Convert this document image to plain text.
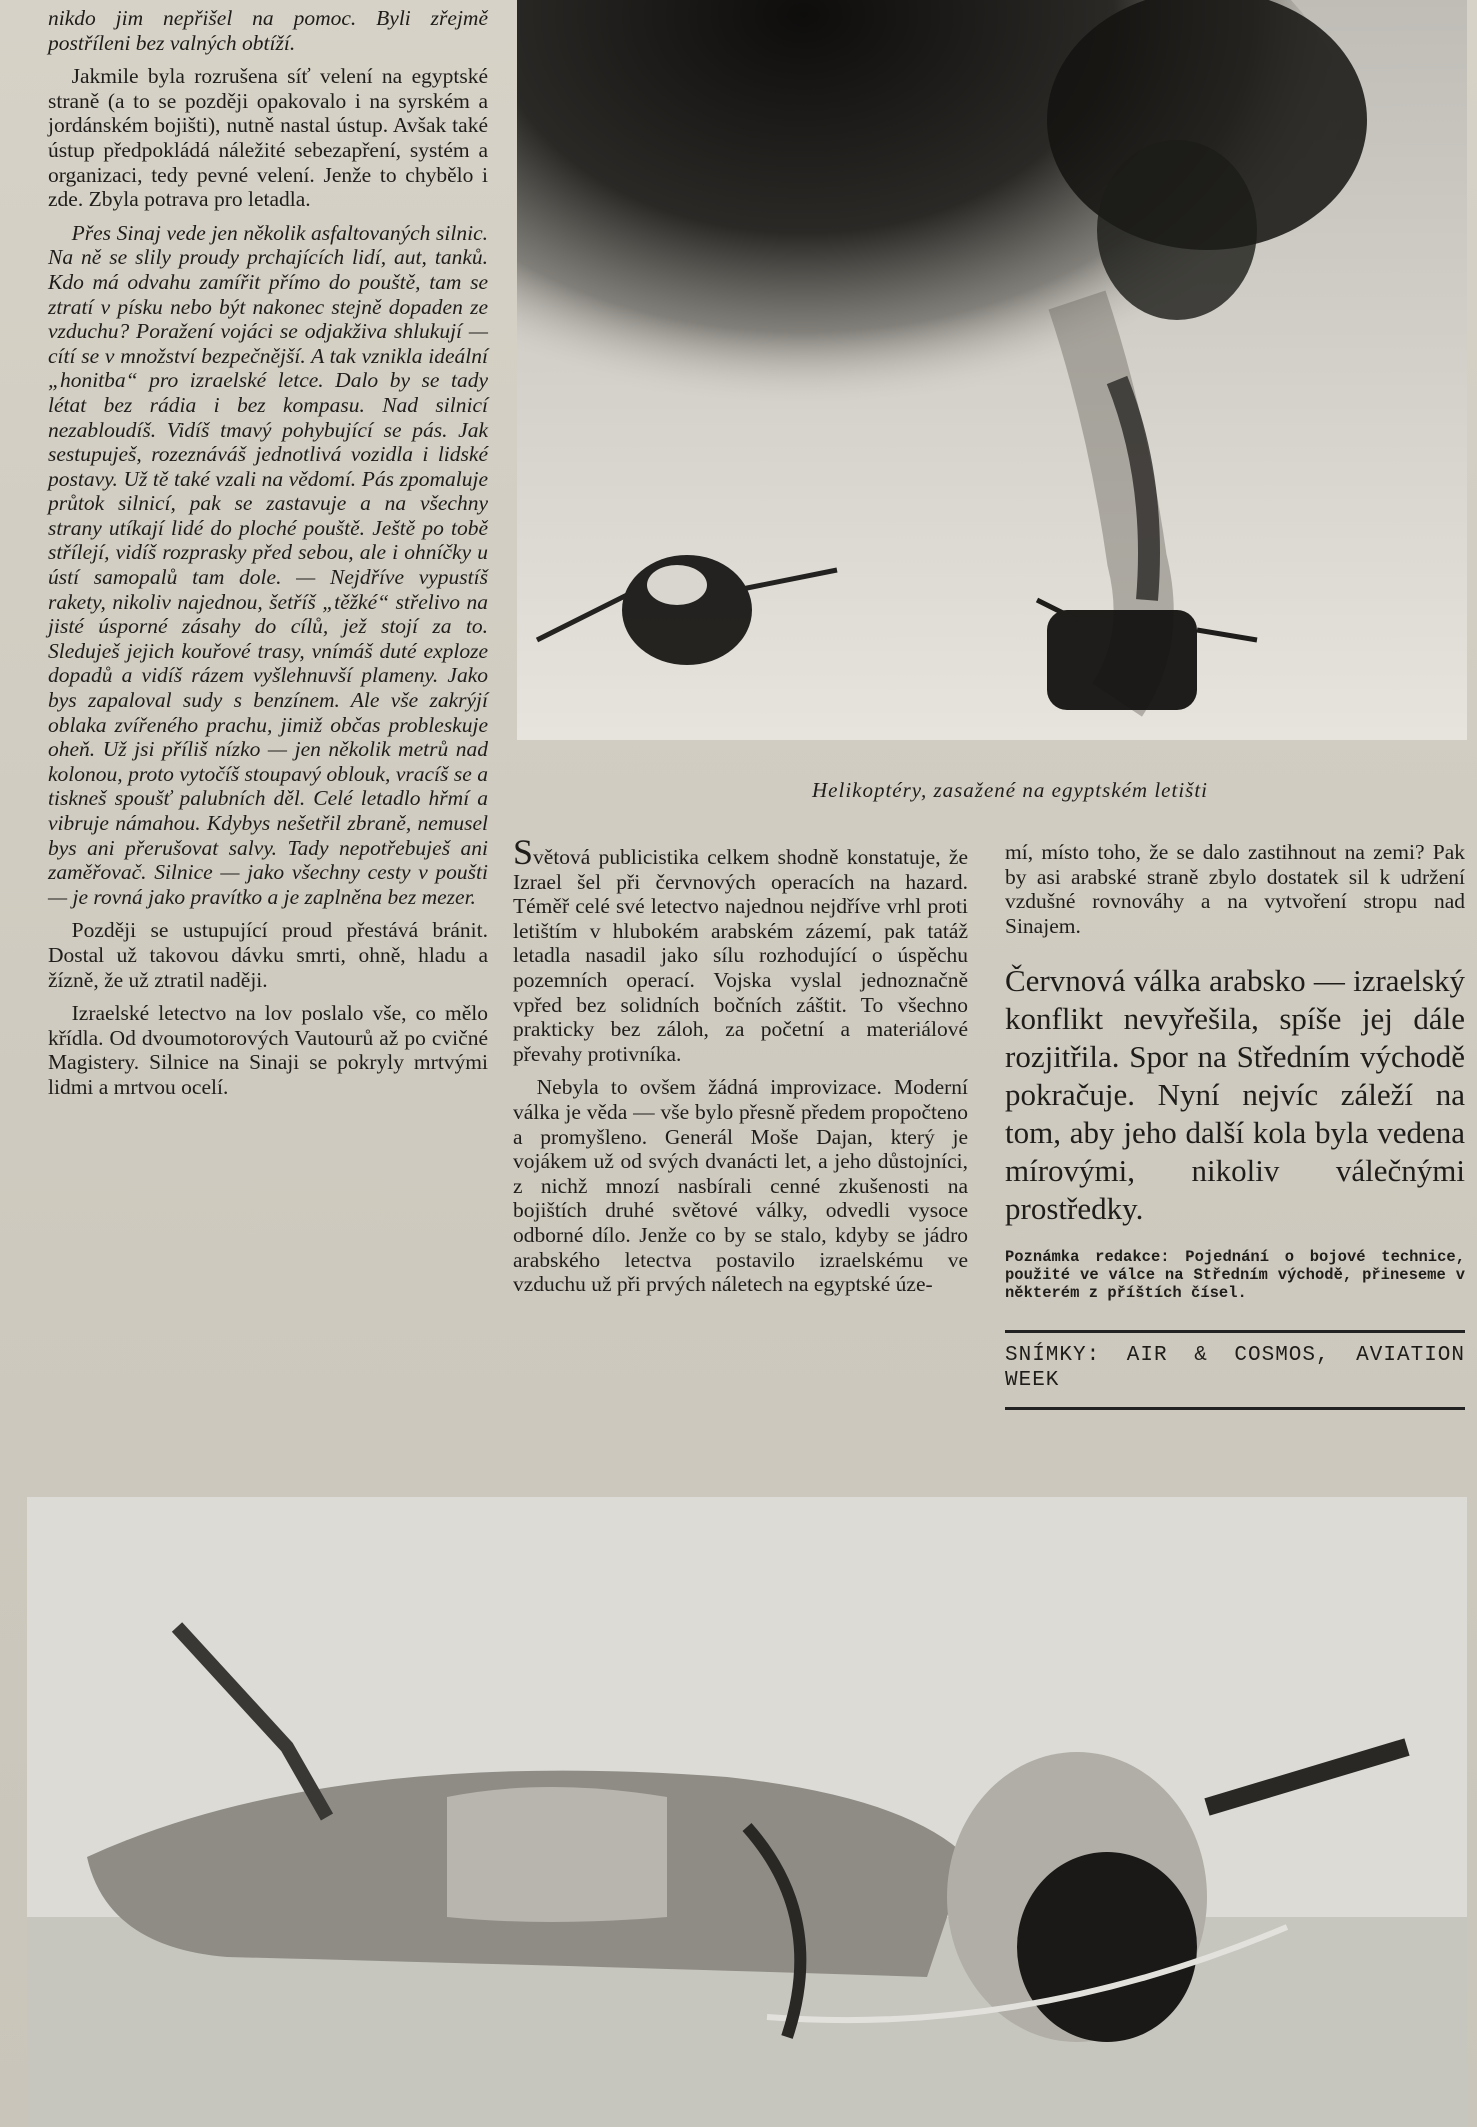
nikdo jim nepřišel na pomoc. Byli zřejmě postříleni bez valných obtíží.

Jakmile byla rozrušena síť velení na egyptské straně (a to se později opakovalo i na syrském a jordánském bojišti), nutně nastal ústup. Avšak také ústup předpokládá náležité sebezapření, systém a organizaci, tedy pevné velení. Jenže to chybělo i zde. Zbyla potrava pro letadla.

Přes Sinaj vede jen několik asfaltovaných silnic. Na ně se slily proudy prchajících lidí, aut, tanků. Kdo má odvahu zamířit přímo do pouště, tam se ztratí v písku nebo být nakonec stejně dopaden ze vzduchu? Poražení vojáci se odjakživa shlukují — cítí se v množství bezpečnější. A tak vznikla ideální „honitba“ pro izraelské letce. Dalo by se tady létat bez rádia i bez kompasu. Nad silnicí nezabloudíš. Vidíš tmavý pohybující se pás. Jak sestupuješ, rozeznáváš jednotlivá vozidla i lidské postavy. Už tě také vzali na vědomí. Pás zpomaluje průtok silnicí, pak se zastavuje a na všechny strany utíkají lidé do ploché pouště. Ještě po tobě střílejí, vidíš rozprasky před sebou, ale i ohníčky u ústí samopalů tam dole. — Nejdříve vypustíš rakety, nikoliv najednou, šetříš „těžké“ střelivo na jisté úsporné zásahy do cílů, jež stojí za to. Sleduješ jejich kouřové trasy, vnímáš duté exploze dopadů a vidíš rázem vyšlehnuvší plameny. Jako bys zapaloval sudy s benzínem. Ale vše zakrýjí oblaka zvířeného prachu, jimiž občas probleskuje oheň. Už jsi příliš nízko — jen několik metrů nad kolonou, proto vytočíš stoupavý oblouk, vracíš se a tiskneš spoušť palubních děl. Celé letadlo hřmí a vibruje námahou. Kdybys nešetřil zbraně, nemusel bys ani přerušovat salvy. Tady nepotřebuješ ani zaměřovač. Silnice — jako všechny cesty v poušti — je rovná jako pravítko a je zaplněna bez mezer.

Později se ustupující proud přestává bránit. Dostal už takovou dávku smrti, ohně, hladu a žízně, že už ztratil naději.

Izraelské letectvo na lov poslalo vše, co mělo křídla. Od dvoumotorových Vautourů až po cvičné Magistery. Silnice na Sinaji se pokryly mrtvými lidmi a mrtvou ocelí.

Helikoptéry, zasažené na egyptském letišti

Světová publicistika celkem shodně konstatuje, že Izrael šel při červnových operacích na hazard. Téměř celé své letectvo najednou nejdříve vrhl proti letištím v hlubokém arabském zázemí, pak tatáž letadla nasadil jako sílu rozhodující o úspěchu pozemních operací. Vojska vyslal jednoznačně vpřed bez solidních bočních záštit. To všechno prakticky bez záloh, za početní a materiálové převahy protivníka.

Nebyla to ovšem žádná improvizace. Moderní válka je věda — vše bylo přesně předem propočteno a promyšleno. Generál Moše Dajan, který je vojákem už od svých dvanácti let, a jeho důstojníci, z nichž mnozí nasbírali cenné zkušenosti na bojištích druhé světové války, odvedli vysoce odborné dílo. Jenže co by se stalo, kdyby se jádro arabského letectva postavilo izraelskému ve vzduchu už při prvých náletech na egyptské úze-

mí, místo toho, že se dalo zastihnout na zemi? Pak by asi arabské straně zbylo dostatek sil k udržení vzdušné rovnováhy a na vytvoření stropu nad Sinajem.

Červnová válka arabsko — izraelský konflikt nevyřešila, spíše jej dále rozjitřila. Spor na Středním východě pokračuje. Nyní nejvíc záleží na tom, aby jeho další kola byla vedena mírovými, nikoliv válečnými prostředky.
Poznámka redakce: Pojednání o bojové technice, použité ve válce na Středním východě, přineseme v některém z příštích čísel.
SNÍMKY: AIR & COSMOS, AVIATION WEEK
